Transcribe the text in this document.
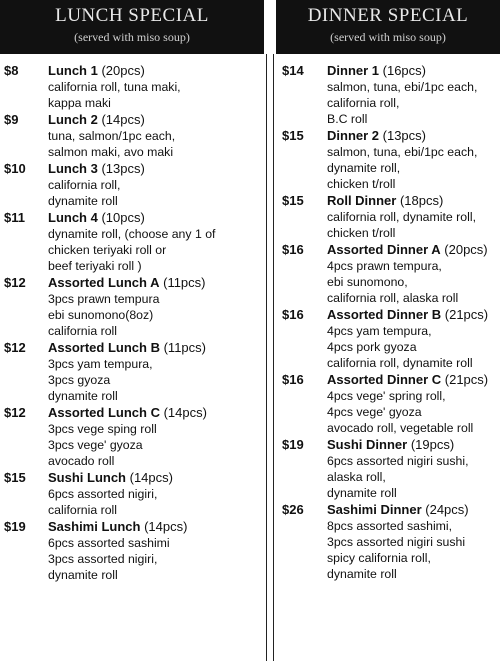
LUNCH SPECIAL
(served with miso soup)
DINNER SPECIAL
(served with miso soup)
$8	Lunch 1 (20pcs)
california roll, tuna maki,
kappa maki
$9	Lunch 2 (14pcs)
tuna, salmon/1pc each,
salmon maki, avo maki
$10	Lunch 3 (13pcs)
california roll,
dynamite roll
$11	Lunch 4 (10pcs)
dynamite roll, (choose any 1 of
chicken teriyaki roll or
beef teriyaki roll )
$12	Assorted Lunch A (11pcs)
3pcs prawn tempura
ebi sunomono(8oz)
california roll
$12	Assorted Lunch B (11pcs)
3pcs yam tempura,
3pcs gyoza
dynamite roll
$12	Assorted Lunch C (14pcs)
3pcs vege sping roll
3pcs vege' gyoza
avocado roll
$15	Sushi Lunch (14pcs)
6pcs assorted nigiri,
california roll
$19	Sashimi Lunch (14pcs)
6pcs assorted sashimi
3pcs assorted nigiri,
dynamite roll
$14	Dinner 1 (16pcs)
salmon, tuna, ebi/1pc each,
california roll,
B.C roll
$15	Dinner 2 (13pcs)
salmon, tuna, ebi/1pc each,
dynamite roll,
chicken t/roll
$15	Roll Dinner (18pcs)
california roll, dynamite roll,
chicken t/roll
$16	Assorted Dinner A (20pcs)
4pcs prawn tempura,
ebi sunomono,
california roll, alaska roll
$16	Assorted Dinner B (21pcs)
4pcs yam tempura,
4pcs pork gyoza
california roll, dynamite roll
$16	Assorted Dinner C (21pcs)
4pcs vege' spring roll,
4pcs vege' gyoza
avocado roll, vegetable roll
$19	Sushi Dinner (19pcs)
6pcs assorted nigiri sushi,
alaska roll,
dynamite roll
$26	Sashimi Dinner (24pcs)
8pcs assorted sashimi,
3pcs assorted nigiri sushi
spicy california roll,
dynamite roll
